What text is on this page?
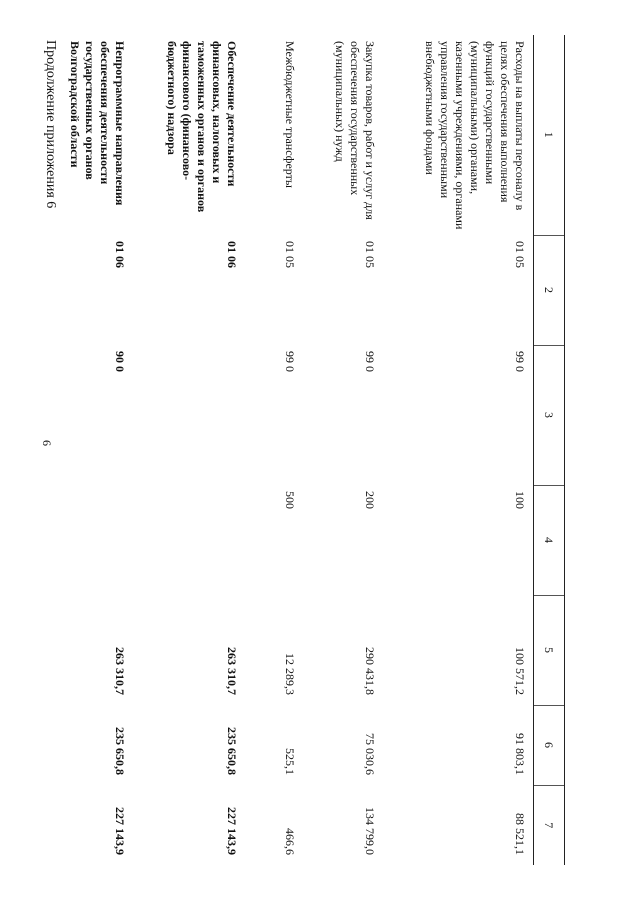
6
Продолжение приложения 6	1	2	3	4	5	6	7
Расходы на выплаты персоналу в целях обеспечения выполнения функций государственными (муниципальными) органами, казенными учреждениями, органами управления государственными внебюджетными фондами	01 05	99 0	100	100 571,2	91 803,1	88 521,1
Закупка товаров, работ и услуг для обеспечения государственных (муниципальных) нужд	01 05	99 0	200	290 431,8	75 030,6	134 799,0
Межбюджетные трансферты	01 05	99 0	500	12 289,3	525,1	466,6
Обеспечение деятельности финансовых, налоговых и таможенных органов и органов финансового (финансово-бюджетного) надзора	01 06			263 310,7	235 650,8	227 143,9
Непрограммные направления обеспечения деятельности государственных органов Волгоградской области	01 06	90 0		263 310,7	235 650,8	227 143,9
